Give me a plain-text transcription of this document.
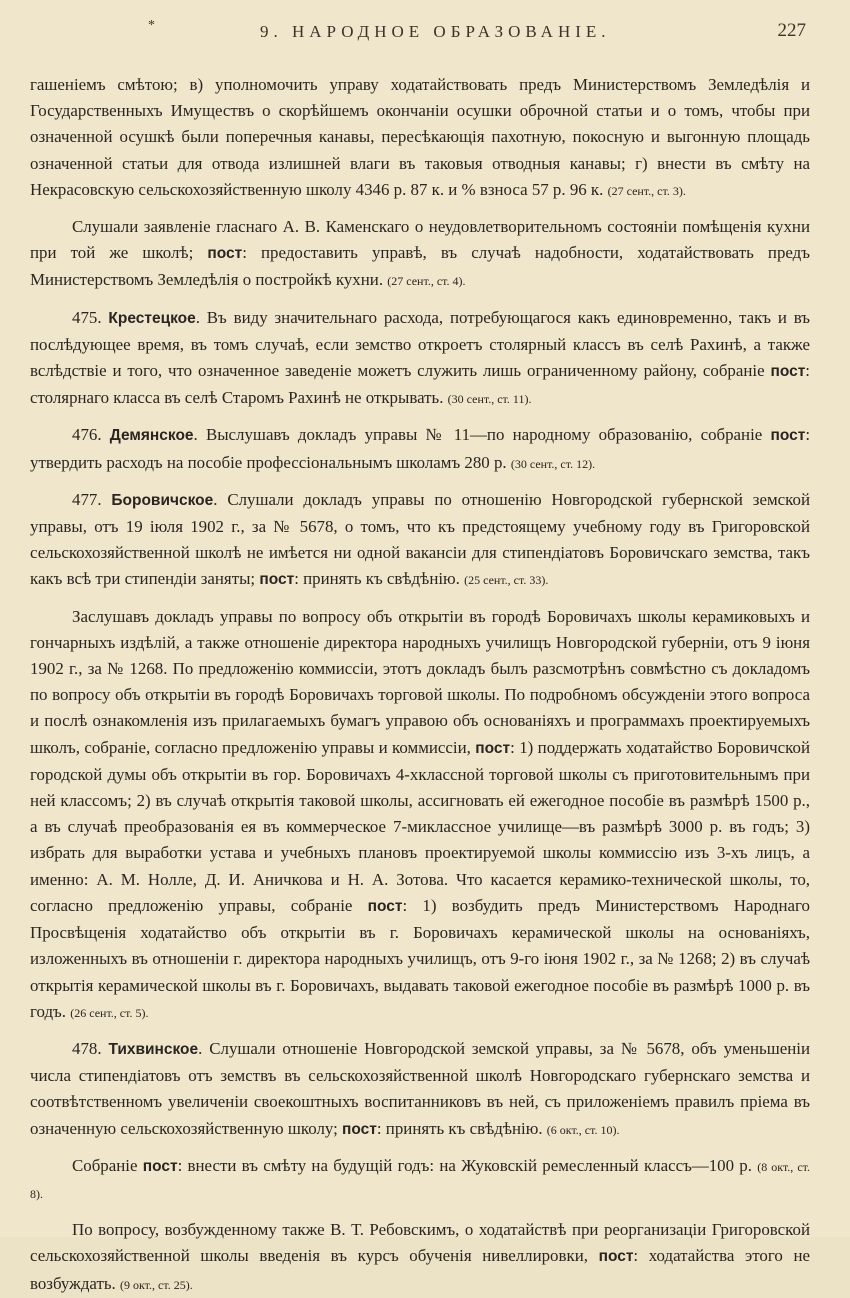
*	9. НАРОДНОЕ ОБРАЗОВАНІЕ.	227

гашеніемъ смѣтою; в) уполномочить управу ходатайствовать предъ Министерствомъ Земледѣлія и Государственныхъ Имуществъ о скорѣйшемъ окончаніи осушки оброчной статьи и о томъ, чтобы при означенной осушкѣ были поперечныя канавы, пересѣкающія пахотную, покосную и выгонную площадь означенной статьи для отвода излишней влаги въ таковыя отводныя канавы; г) внести въ смѣту на Некрасовскую сельскохозяйственную школу 4346 р. 87 к. и % взноса 57 р. 96 к. (27 сент., ст. 3).

Слушали заявленіе гласнаго А. В. Каменскаго о неудовлетворительномъ состояніи помѣщенія кухни при той же школѣ; пост: предоставить управѣ, въ случаѣ надобности, ходатайствовать предъ Министерствомъ Земледѣлія о постройкѣ кухни. (27 сент., ст. 4).

475. Крестецкое. Въ виду значительнаго расхода, потребующагося какъ единовременно, такъ и въ послѣдующее время, въ томъ случаѣ, если земство откроетъ столярный классъ въ селѣ Рахинѣ, а также вслѣдствіе и того, что означенное заведеніе можетъ служить лишь ограниченному району, собраніе пост: столярнаго класса въ селѣ Старомъ Рахинѣ не открывать. (30 сент., ст. 11).

476. Демянское. Выслушавъ докладъ управы № 11—по народному образованію, собраніе пост: утвердить расходъ на пособіе профессіональнымъ школамъ 280 р. (30 сент., ст. 12).

477. Боровичское. Слушали докладъ управы по отношенію Новгородской губернской земской управы, отъ 19 іюля 1902 г., за № 5678, о томъ, что къ предстоящему учебному году въ Григоровской сельскохозяйственной школѣ не имѣется ни одной вакансіи для стипендіатовъ Боровичскаго земства, такъ какъ всѣ три стипендіи заняты; пост: принять къ свѣдѣнію. (25 сент., ст. 33).

Заслушавъ докладъ управы по вопросу объ открытіи въ городѣ Боровичахъ школы керамиковыхъ и гончарныхъ издѣлій, а также отношеніе директора народныхъ училищъ Новгородской губерніи, отъ 9 іюня 1902 г., за № 1268. По предложенію коммиссіи, этотъ докладъ былъ разсмотрѣнъ совмѣстно съ докладомъ по вопросу объ открытіи въ городѣ Боровичахъ торговой школы. По подробномъ обсужденіи этого вопроса и послѣ ознакомленія изъ прилагаемыхъ бумагъ управою объ основаніяхъ и программахъ проектируемыхъ школъ, собраніе, согласно предложенію управы и коммиссіи, пост: 1) поддержать ходатайство Боровичской городской думы объ открытіи въ гор. Боровичахъ 4-хклассной торговой школы съ приготовительнымъ при ней классомъ; 2) въ случаѣ открытія таковой школы, ассигновать ей ежегодное пособіе въ размѣрѣ 1500 р., а въ случаѣ преобразованія ея въ коммерческое 7-миклассное училище—въ размѣрѣ 3000 р. въ годъ; 3) избрать для выработки устава и учебныхъ плановъ проектируемой школы коммиссію изъ 3-хъ лицъ, а именно: А. М. Нолле, Д. И. Аничкова и Н. А. Зотова. Что касается керамико-технической школы, то, согласно предложенію управы, собраніе пост: 1) возбудить предъ Министерствомъ Народнаго Просвѣщенія ходатайство объ открытіи въ г. Боровичахъ керамической школы на основаніяхъ, изложенныхъ въ отношеніи г. директора народныхъ училищъ, отъ 9-го іюня 1902 г., за № 1268; 2) въ случаѣ открытія керамической школы въ г. Боровичахъ, выдавать таковой ежегодное пособіе въ размѣрѣ 1000 р. въ годъ. (26 сент., ст. 5).

478. Тихвинское. Слушали отношеніе Новгородской земской управы, за № 5678, объ уменьшеніи числа стипендіатовъ отъ земствъ въ сельскохозяйственной школѣ Новгородскаго губернскаго земства и соотвѣтственномъ увеличеніи своекоштныхъ воспитанниковъ въ ней, съ приложеніемъ правилъ пріема въ означенную сельскохозяйственную школу; пост: принять къ свѣдѣнію. (6 окт., ст. 10).

Собраніе пост: внести въ смѣту на будущій годъ: на Жуковскій ремесленный классъ—100 р. (8 окт., ст. 8).

По вопросу, возбужденному также В. Т. Ребовскимъ, о ходатайствѣ при реорганизаціи Григоровской сельскохозяйственной школы введенія въ курсъ обученія нивеллировки, пост: ходатайства этого не возбуждать. (9 окт., ст. 25).
